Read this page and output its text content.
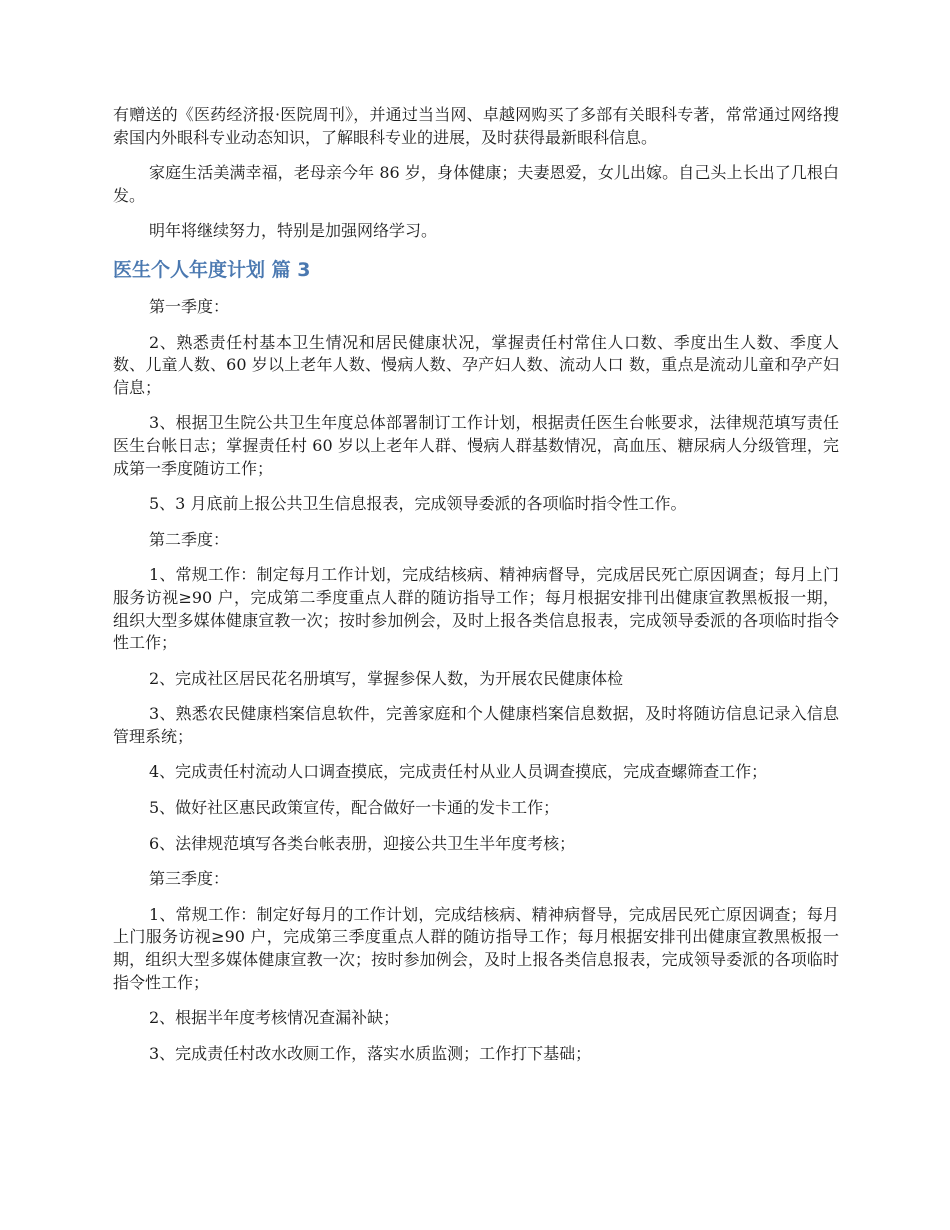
有赠送的《医药经济报·医院周刊》，并通过当当网、卓越网购买了多部有关眼科专著，常常通过网络搜索国内外眼科专业动态知识，了解眼科专业的进展，及时获得最新眼科信息。

家庭生活美满幸福，老母亲今年 86 岁，身体健康；夫妻恩爱，女儿出嫁。自己头上长出了几根白发。

明年将继续努力，特别是加强网络学习。

医生个人年度计划 篇 3

第一季度：

2、熟悉责任村基本卫生情况和居民健康状况，掌握责任村常住人口数、季度出生人数、季度人数、儿童人数、60 岁以上老年人数、慢病人数、孕产妇人数、流动人口 数，重点是流动儿童和孕产妇信息；

3、根据卫生院公共卫生年度总体部署制订工作计划，根据责任医生台帐要求，法律规范填写责任医生台帐日志；掌握责任村 60 岁以上老年人群、慢病人群基数情况，高血压、糖尿病人分级管理，完成第一季度随访工作；

5、3 月底前上报公共卫生信息报表，完成领导委派的各项临时指令性工作。

第二季度：

1、常规工作：制定每月工作计划，完成结核病、精神病督导，完成居民死亡原因调查；每月上门服务访视≥90 户，完成第二季度重点人群的随访指导工作；每月根据安排刊出健康宣教黑板报一期，组织大型多媒体健康宣教一次；按时参加例会，及时上报各类信息报表，完成领导委派的各项临时指令性工作；

2、完成社区居民花名册填写，掌握参保人数，为开展农民健康体检

3、熟悉农民健康档案信息软件，完善家庭和个人健康档案信息数据，及时将随访信息记录入信息管理系统；

4、完成责任村流动人口调查摸底，完成责任村从业人员调查摸底，完成查螺筛查工作；

5、做好社区惠民政策宣传，配合做好一卡通的发卡工作；

6、法律规范填写各类台帐表册，迎接公共卫生半年度考核；

第三季度：

1、常规工作：制定好每月的工作计划，完成结核病、精神病督导，完成居民死亡原因调查；每月上门服务访视≥90 户，完成第三季度重点人群的随访指导工作；每月根据安排刊出健康宣教黑板报一期，组织大型多媒体健康宣教一次；按时参加例会，及时上报各类信息报表，完成领导委派的各项临时指令性工作；

2、根据半年度考核情况查漏补缺；

3、完成责任村改水改厕工作，落实水质监测；工作打下基础；
